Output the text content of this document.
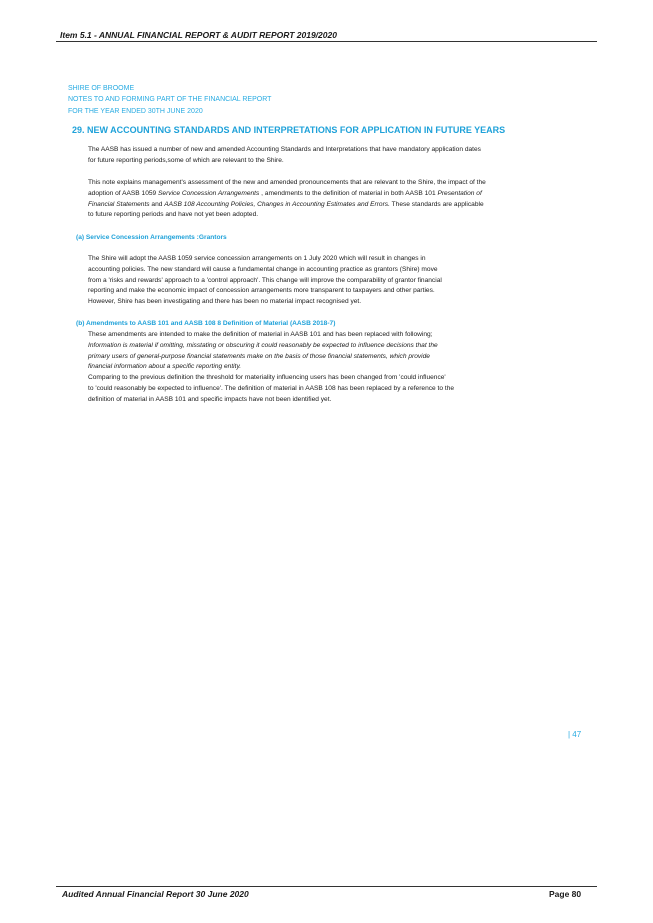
Item 5.1 - ANNUAL FINANCIAL REPORT & AUDIT REPORT 2019/2020
SHIRE OF BROOME
NOTES TO AND FORMING PART OF THE FINANCIAL REPORT
FOR THE YEAR ENDED 30TH JUNE 2020
29. NEW ACCOUNTING STANDARDS AND INTERPRETATIONS FOR APPLICATION IN FUTURE YEARS
The AASB has issued a number of new and amended Accounting Standards and Interpretations that have mandatory application dates
for future reporting periods,some of which are relevant to the Shire.
This note explains management's assessment of the new and amended pronouncements that are relevant to the Shire, the impact of the
adoption of AASB 1059 Service Concession Arrangements , amendments to the definition of material in both AASB 101 Presentation of
Financial Statements and AASB 108 Accounting Policies, Changes in Accounting Estimates and Errors. These standards are applicable
to future reporting periods and have not yet been adopted.
(a) Service Concession Arrangements :Grantors
The Shire will adopt the AASB 1059 service concession arrangements on 1 July 2020 which will result in changes in
accounting policies. The new standard will cause a fundamental change in accounting practice as grantors (Shire) move
from a 'risks and rewards' approach to a 'control approach'. This change will improve the comparability of grantor financial
reporting and make the economic impact of concession arrangements more transparent to taxpayers and other parties.
However, Shire has been investigating and there has been no material impact recognised yet.
(b) Amendments to AASB 101 and AASB 108 8 Definition of Material (AASB 2018-7)
These amendments are intended to make the definition of material in AASB 101 and has been replaced with following;
Information is material if omitting, misstating or obscuring it could reasonably be expected to influence decisions that the
primary users of general-purpose financial statements make on the basis of those financial statements, which provide
financial information about a specific reporting entity.
Comparing to the previous definition the threshold for materiality influencing users has been changed from 'could influence'
to 'could reasonably be expected to influence'. The definition of material in AASB 108 has been replaced by a reference to the
definition of material in AASB 101 and specific impacts have not been identified yet.
| 47
Audited Annual Financial Report 30 June 2020	Page 80
